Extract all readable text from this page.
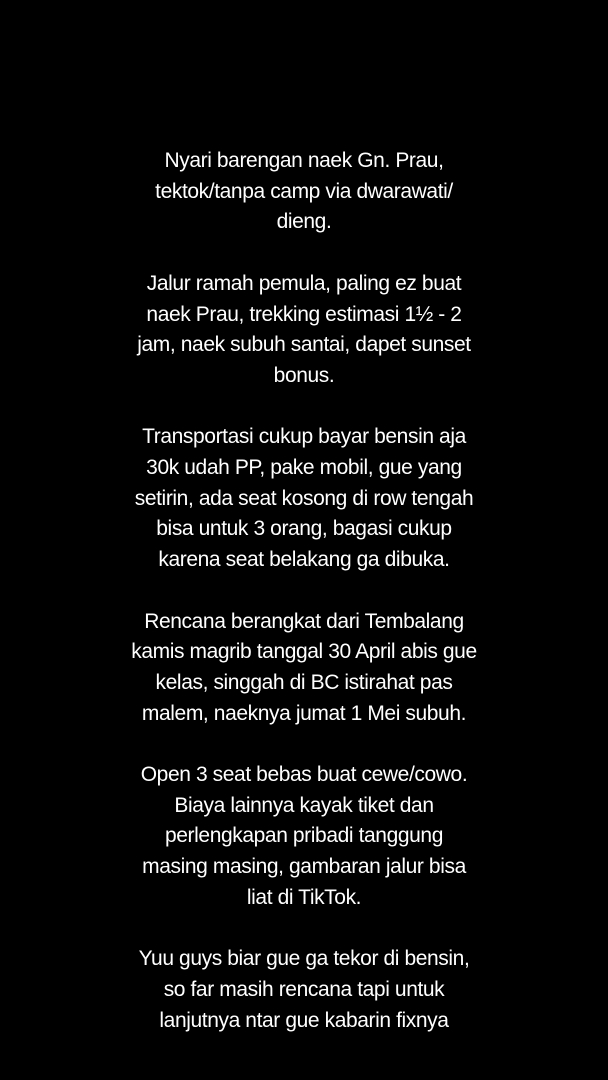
Nyari barengan naek Gn. Prau,
tektok/tanpa camp via dwarawati/
dieng.

Jalur ramah pemula, paling ez buat
naek Prau, trekking estimasi 1½ - 2
jam, naek subuh santai, dapet sunset
bonus.

Transportasi cukup bayar bensin aja
30k udah PP, pake mobil, gue yang
setirin, ada seat kosong di row tengah
bisa untuk 3 orang, bagasi cukup
karena seat belakang ga dibuka.

Rencana berangkat dari Tembalang
kamis magrib tanggal 30 April abis gue
kelas, singgah di BC istirahat pas
malem, naeknya jumat 1 Mei subuh.

Open 3 seat bebas buat cewe/cowo.
Biaya lainnya kayak tiket dan
perlengkapan pribadi tanggung
masing masing, gambaran jalur bisa
liat di TikTok.

Yuu guys biar gue ga tekor di bensin,
so far masih rencana tapi untuk
lanjutnya ntar gue kabarin fixnya
